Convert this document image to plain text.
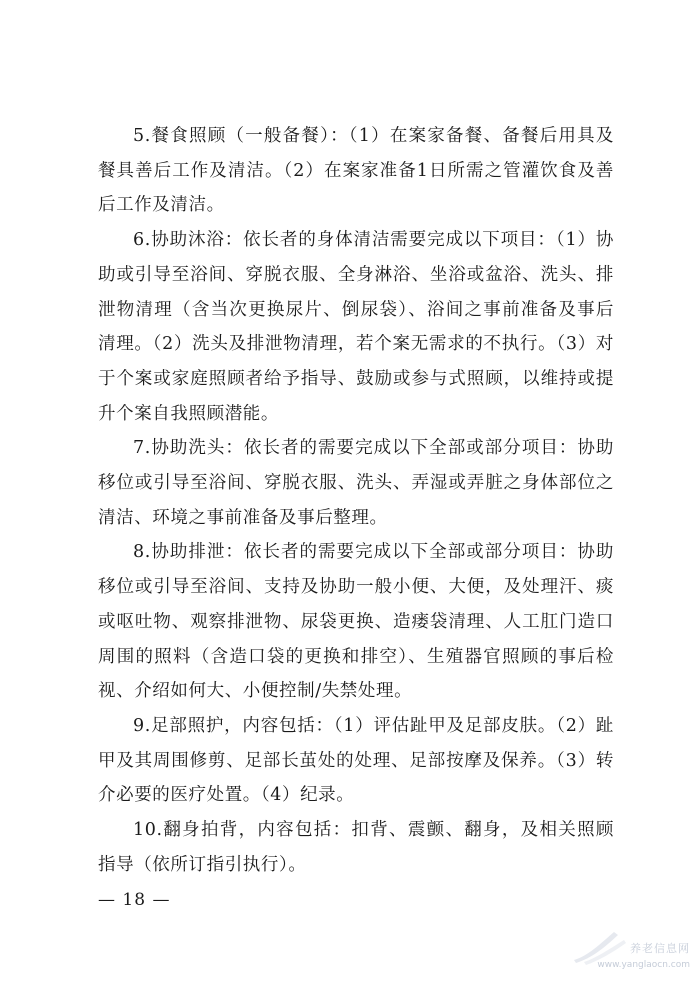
5.餐食照顾（一般备餐）：（1）在案家备餐、备餐后用具及餐具善后工作及清洁。（2）在案家准备1日所需之管灌饮食及善后工作及清洁。

6.协助沐浴：依长者的身体清洁需要完成以下项目：（1）协助或引导至浴间、穿脱衣服、全身淋浴、坐浴或盆浴、洗头、排泄物清理（含当次更换尿片、倒尿袋）、浴间之事前准备及事后清理。（2）洗头及排泄物清理，若个案无需求的不执行。（3）对于个案或家庭照顾者给予指导、鼓励或参与式照顾，以维持或提升个案自我照顾潜能。

7.协助洗头：依长者的需要完成以下全部或部分项目：协助移位或引导至浴间、穿脱衣服、洗头、弄湿或弄脏之身体部位之清洁、环境之事前准备及事后整理。

8.协助排泄：依长者的需要完成以下全部或部分项目：协助移位或引导至浴间、支持及协助一般小便、大便，及处理汗、痰或呕吐物、观察排泄物、尿袋更换、造瘘袋清理、人工肛门造口周围的照料（含造口袋的更换和排空）、生殖器官照顾的事后检视、介绍如何大、小便控制/失禁处理。

9.足部照护，内容包括：（1）评估趾甲及足部皮肤。（2）趾甲及其周围修剪、足部长茧处的处理、足部按摩及保养。（3）转介必要的医疗处置。（4）纪录。

10.翻身拍背，内容包括：扣背、震颤、翻身，及相关照顾指导（依所订指引执行）。

— 18 —
养老信息网
www.yanglaocn.com
